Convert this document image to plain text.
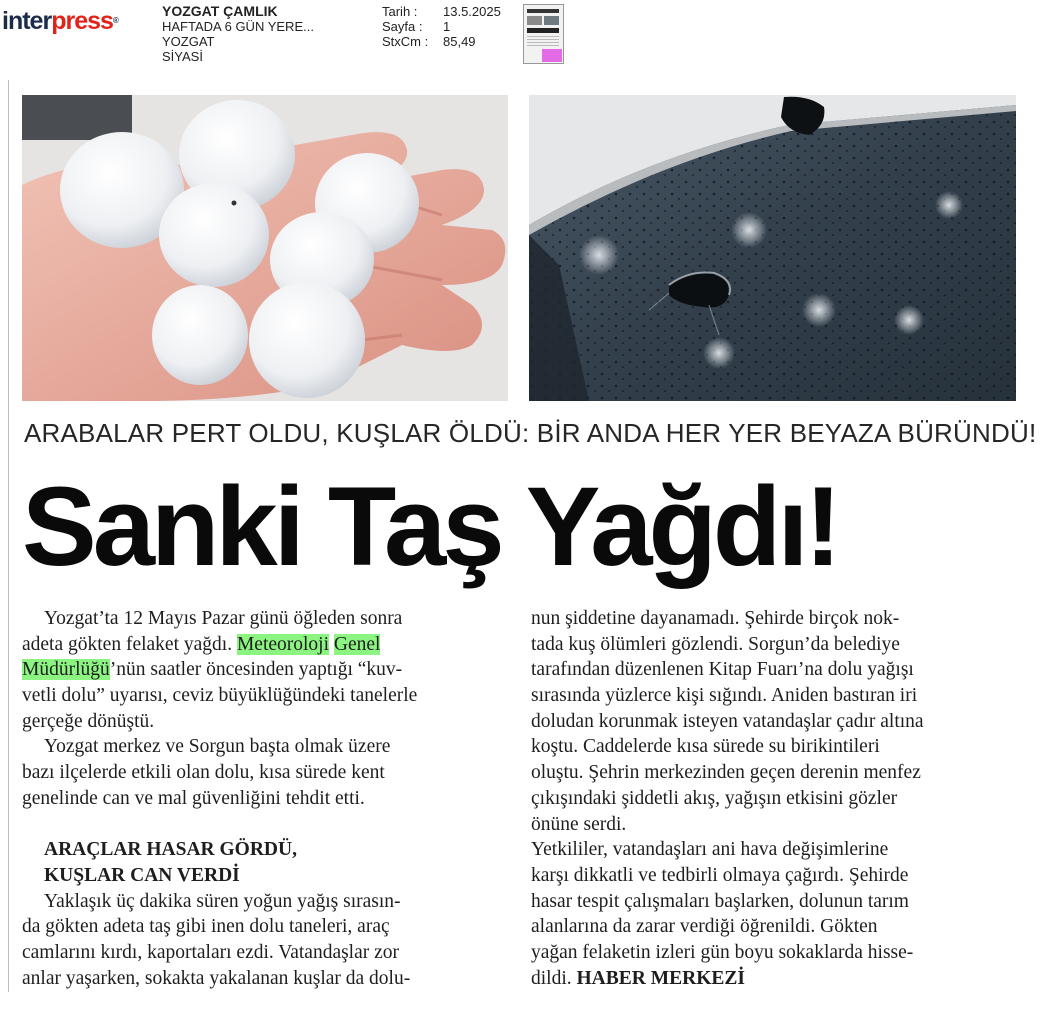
interpress®
YOZGAT ÇAMLIK
HAFTADA 6 GÜN YERE...
YOZGAT
SİYASİ
Tarih :
Sayfa :
StxCm :
13.5.2025
1
85,49
ARABALAR PERT OLDU, KUŞLAR ÖLDÜ: BİR ANDA HER YER BEYAZA BÜRÜNDÜ!
Sanki Taş Yağdı!
Yozgat’ta 12 Mayıs Pazar günü öğleden sonra
adeta gökten felaket yağdı. Meteoroloji Genel
Müdürlüğü’nün saatler öncesinden yaptığı “kuv-
vetli dolu” uyarısı, ceviz büyüklüğündeki tanelerle
gerçeğe dönüştü.
Yozgat merkez ve Sorgun başta olmak üzere
bazı ilçelerde etkili olan dolu, kısa sürede kent
genelinde can ve mal güvenliğini tehdit etti.
ARAÇLAR HASAR GÖRDÜ,
KUŞLAR CAN VERDİ
Yaklaşık üç dakika süren yoğun yağış sırasın-
da gökten adeta taş gibi inen dolu taneleri, araç
camlarını kırdı, kaportaları ezdi. Vatandaşlar zor
anlar yaşarken, sokakta yakalanan kuşlar da dolu-
nun şiddetine dayanamadı. Şehirde birçok nok-
tada kuş ölümleri gözlendi. Sorgun’da belediye
tarafından düzenlenen Kitap Fuarı’na dolu yağışı
sırasında yüzlerce kişi sığındı. Aniden bastıran iri
doludan korunmak isteyen vatandaşlar çadır altına
koştu. Caddelerde kısa sürede su birikintileri
oluştu. Şehrin merkezinden geçen derenin menfez
çıkışındaki şiddetli akış, yağışın etkisini gözler
önüne serdi.
Yetkililer, vatandaşları ani hava değişimlerine
karşı dikkatli ve tedbirli olmaya çağırdı. Şehirde
hasar tespit çalışmaları başlarken, dolunun tarım
alanlarına da zarar verdiği öğrenildi. Gökten
yağan felaketin izleri gün boyu sokaklarda hisse-
dildi. HABER MERKEZİ
